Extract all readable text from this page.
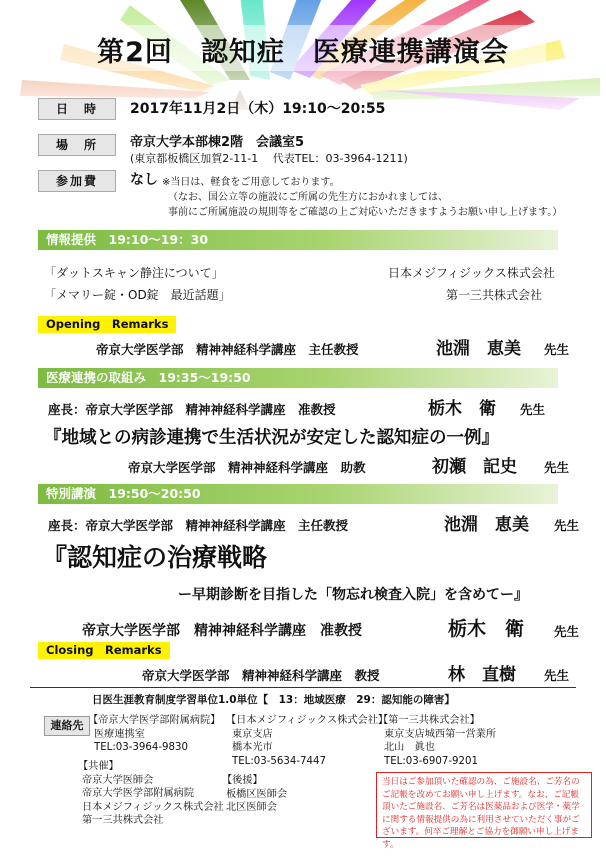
第2回　認知症　医療連携講演会
日　時	2017年11月2日（木）19:10～20:55
場　所	帝京大学本部棟2階　会議室5
(東京都板橋区加賀2-11-1　 代表TEL：03-3964-1211)
参加費	なし ※当日は、軽食をご用意しております。
（なお、国公立等の施設にご所属の先生方におかれましては、
事前にご所属施設の規則等をご確認の上ご対応いただきますようお願い申し上げます。）
情報提供　19:10～19：30
「ダットスキャン静注について」	日本メジフィジックス株式会社
「メマリー錠・OD錠　最近話題」	第一三共株式会社
Opening　Remarks
帝京大学医学部　精神神経科学講座　主任教授	池淵　恵美 先生
医療連携の取組み　19:35～19:50
座長：帝京大学医学部　精神神経科学講座　准教授	栃木　衛 先生
『地域との病診連携で生活状況が安定した認知症の一例』
帝京大学医学部　精神神経科学講座　助教	初瀬　記史 先生
特別講演　19:50～20:50
座長：帝京大学医学部　精神神経科学講座　主任教授	池淵　恵美 先生
『認知症の治療戦略
ー早期診断を目指した「物忘れ検査入院」を含めてー』
帝京大学医学部　精神神経科学講座　准教授	栃木　衛 先生
Closing　Remarks
帝京大学医学部　精神神経科学講座　教授	林　直樹 先生
日医生涯教育制度学習単位1.0単位【　13：地域医療　29：認知能の障害】
連絡先 【帝京大学医学部附属病院】
医療連携室
TEL:03-3964-9830
【日本メジフィジックス株式会社】
東京支店
橋本光市
TEL:03-5634-7447
【第一三共株式会社】
東京支店城西第一営業所
北山　眞也
TEL:03-6907-9201
【共催】
帝京大学医師会
帝京大学医学部附属病院
日本メジフィジックス株式会社
第一三共株式会社
【後援】
板橋区医師会
北区医師会
当日はご参加頂いた確認の為、ご施設名、ご芳名のご記帳を改めてお願い申し上げます。なお、ご記帳頂いたご施設名、ご芳名は医薬品および医学・薬学に関する情報提供の為に利用させていただく事がございます。何卒ご理解とご協力を御願い申し上げます。
